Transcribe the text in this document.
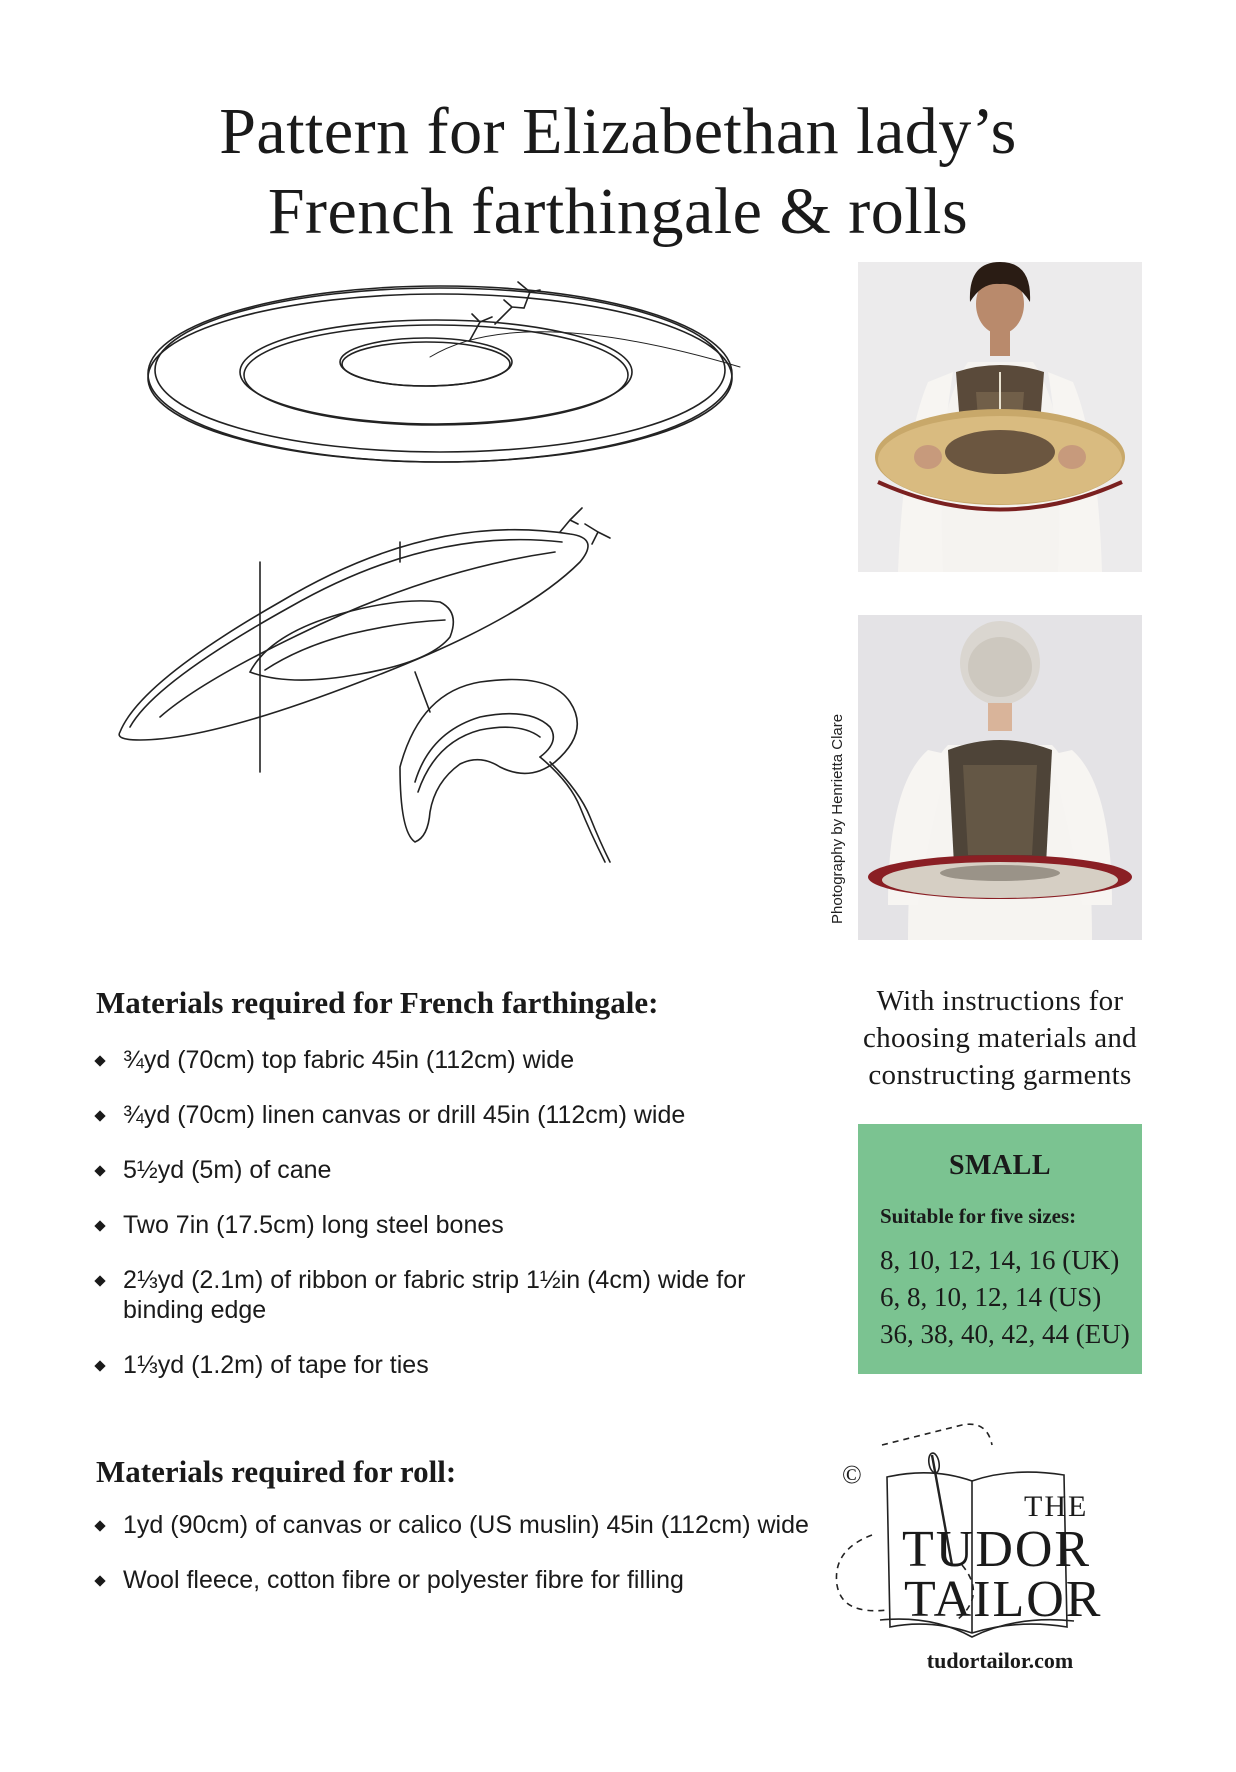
Pattern for Elizabethan lady’s
French farthingale & rolls
Photography by Henrietta Clare
Materials required for French farthingale:
¾yd (70cm) top fabric 45in (112cm) wide
¾yd (70cm) linen canvas or drill 45in (112cm) wide
5½yd (5m) of cane
Two 7in (17.5cm) long steel bones
2⅓yd (2.1m) of ribbon or fabric strip 1½in (4cm) wide for binding edge
1⅓yd (1.2m) of tape for ties
Materials required for roll:
1yd (90cm) of canvas or calico (US muslin) 45in (112cm) wide
Wool fleece, cotton fibre or polyester fibre for filling
With instructions for
choosing materials and
constructing garments
SMALL
Suitable for five sizes:
8, 10, 12, 14, 16 (UK)
6, 8, 10, 12, 14 (US)
36, 38, 40, 42, 44 (EU)
©
THE
TUDOR
TAILOR
tudortailor.com
